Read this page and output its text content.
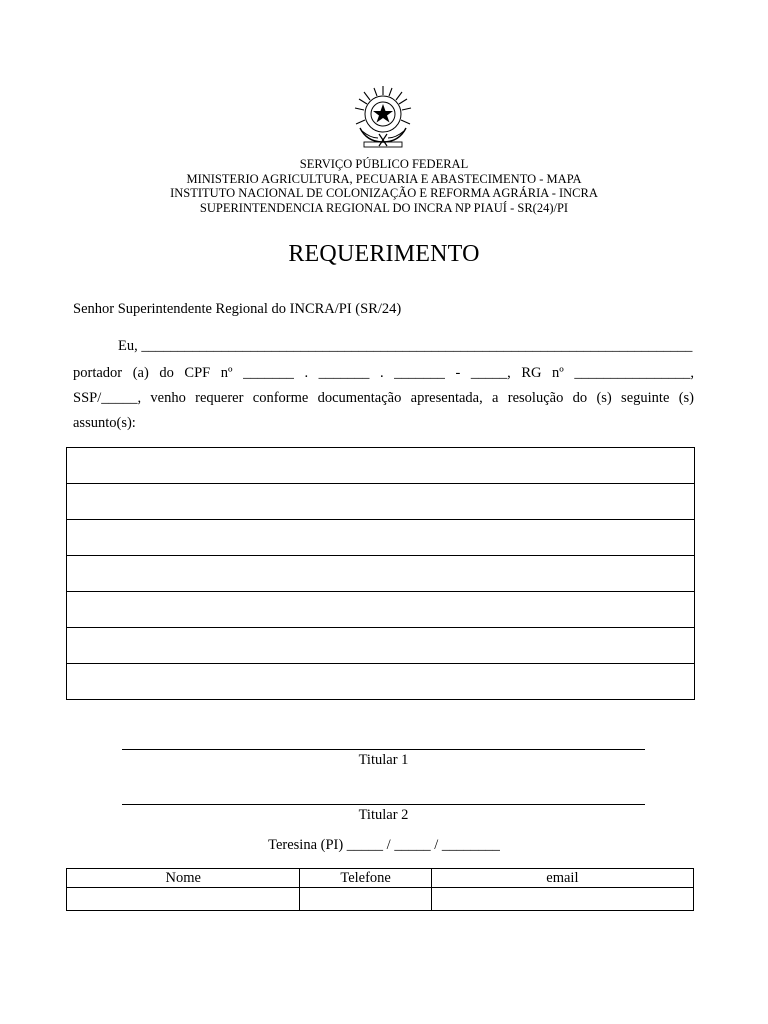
SERVIÇO PÚBLICO FEDERAL
MINISTERIO AGRICULTURA, PECUARIA E ABASTECIMENTO - MAPA
INSTITUTO NACIONAL DE COLONIZAÇÃO E REFORMA AGRÁRIA - INCRA
SUPERINTENDENCIA REGIONAL DO INCRA NP PIAUÍ - SR(24)/PI
REQUERIMENTO
Senhor Superintendente Regional do INCRA/PI (SR/24)
Eu, ____________________________________________________________________________
portador (a) do CPF nº _______ . _______ . _______ - _____, RG nº ________________,
SSP/_____, venho requerer conforme documentação apresentada, a resolução do (s) seguinte (s)
assunto(s):
Titular 1
Titular 2
Teresina (PI) _____ / _____ / ________
Nome	Telefone	email
